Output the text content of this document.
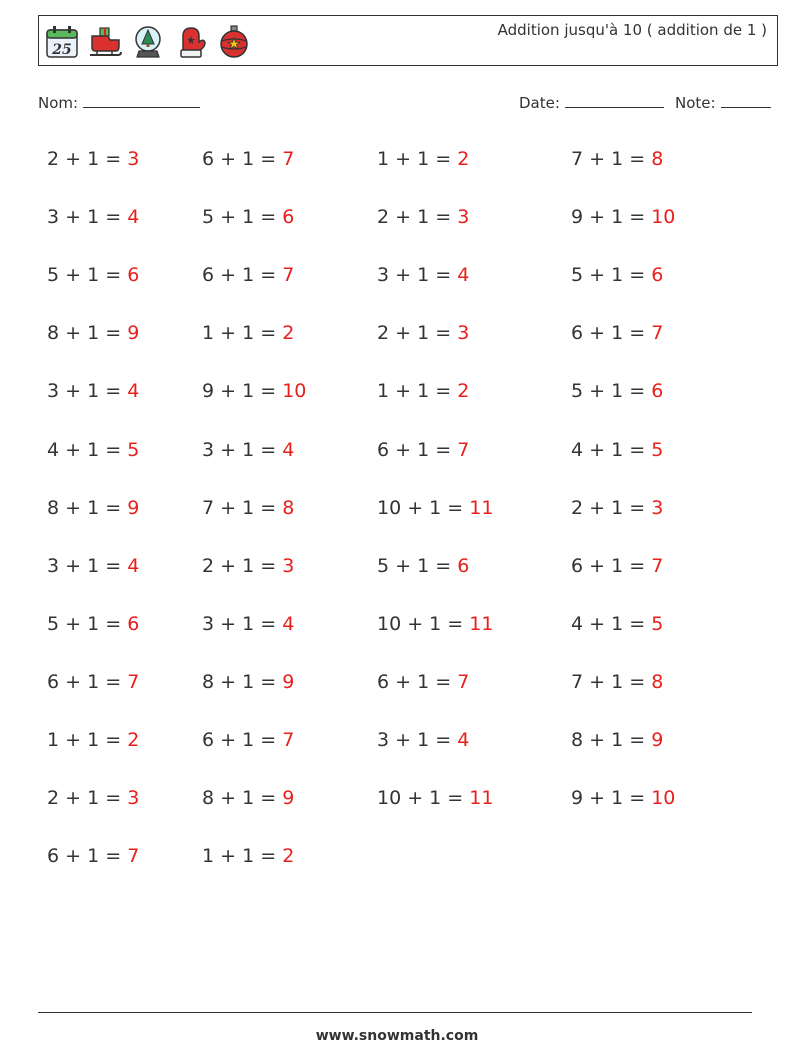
25
Addition jusqu'à 10 ( addition de 1 )
Nom:	Date:	Note:
2 + 1 = 3
3 + 1 = 4
5 + 1 = 6
8 + 1 = 9
3 + 1 = 4
4 + 1 = 5
8 + 1 = 9
3 + 1 = 4
5 + 1 = 6
6 + 1 = 7
1 + 1 = 2
2 + 1 = 3
6 + 1 = 7
6 + 1 = 7
5 + 1 = 6
6 + 1 = 7
1 + 1 = 2
9 + 1 = 10
3 + 1 = 4
7 + 1 = 8
2 + 1 = 3
3 + 1 = 4
8 + 1 = 9
6 + 1 = 7
8 + 1 = 9
1 + 1 = 2
1 + 1 = 2
2 + 1 = 3
3 + 1 = 4
2 + 1 = 3
1 + 1 = 2
6 + 1 = 7
10 + 1 = 11
5 + 1 = 6
10 + 1 = 11
6 + 1 = 7
3 + 1 = 4
10 + 1 = 11
7 + 1 = 8
9 + 1 = 10
5 + 1 = 6
6 + 1 = 7
5 + 1 = 6
4 + 1 = 5
2 + 1 = 3
6 + 1 = 7
4 + 1 = 5
7 + 1 = 8
8 + 1 = 9
9 + 1 = 10
www.snowmath.com
